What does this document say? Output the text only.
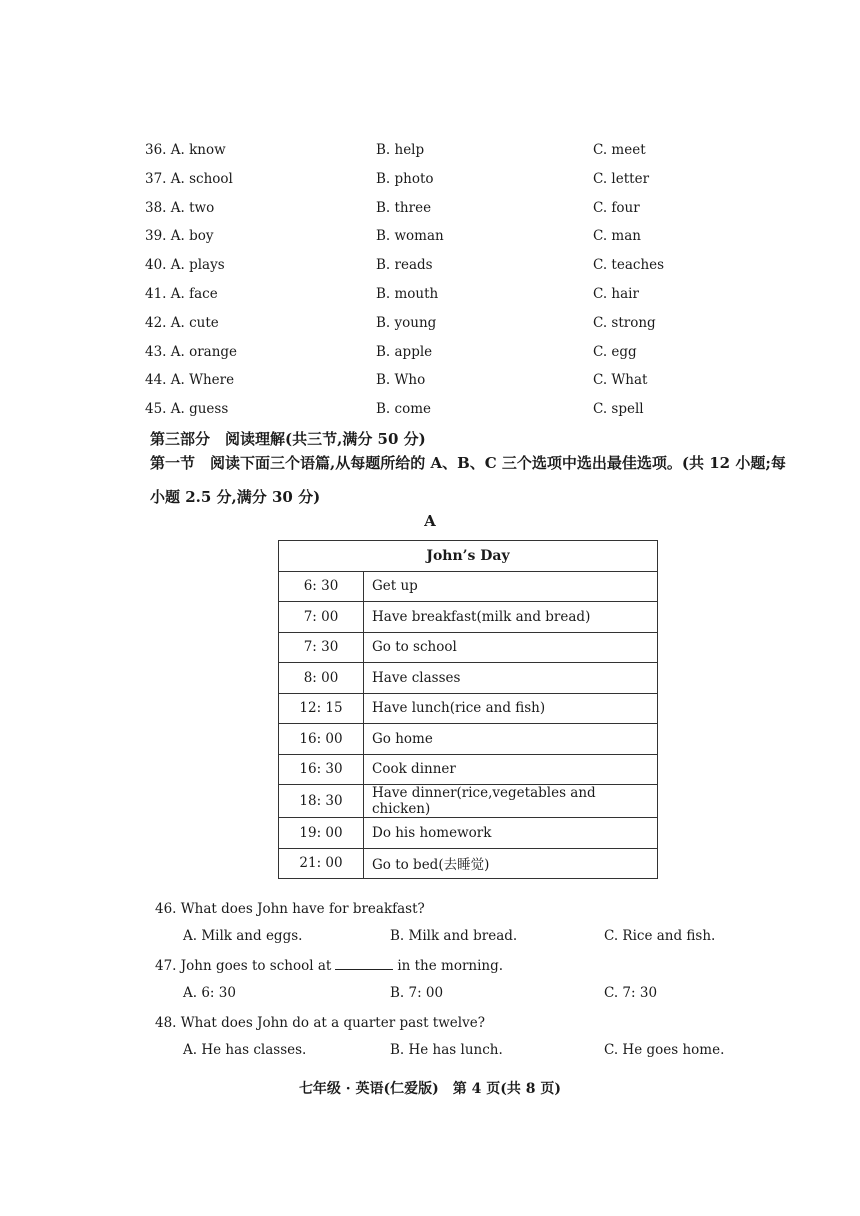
36. A. know	B. help	C. meet
37. A. school	B. photo	C. letter
38. A. two	B. three	C. four
39. A. boy	B. woman	C. man
40. A. plays	B. reads	C. teaches
41. A. face	B. mouth	C. hair
42. A. cute	B. young	C. strong
43. A. orange	B. apple	C. egg
44. A. Where	B. Who	C. What
45. A. guess	B. come	C. spell
第三部分　阅读理解(共三节,满分 50 分)
第一节　阅读下面三个语篇,从每题所给的 A、B、C 三个选项中选出最佳选项。(共 12 小题;每小题 2.5 分,满分 30 分)
A
John’s Day	
6: 30	Get up
7: 00	Have breakfast(milk and bread)
7: 30	Go to school
8: 00	Have classes
12: 15	Have lunch(rice and fish)
16: 00	Go home
16: 30	Cook dinner
18: 30	Have dinner(rice,vegetables and chicken)
19: 00	Do his homework
21: 00	Go to bed(去睡觉)
46. What does John have for breakfast?
A. Milk and eggs.	B. Milk and bread.	C. Rice and fish.
47. John goes to school at	in the morning.
A. 6: 30	B. 7: 00	C. 7: 30
48. What does John do at a quarter past twelve?
A. He has classes.	B. He has lunch.	C. He goes home.
七年级 · 英语(仁爱版)　第 4 页(共 8 页)
